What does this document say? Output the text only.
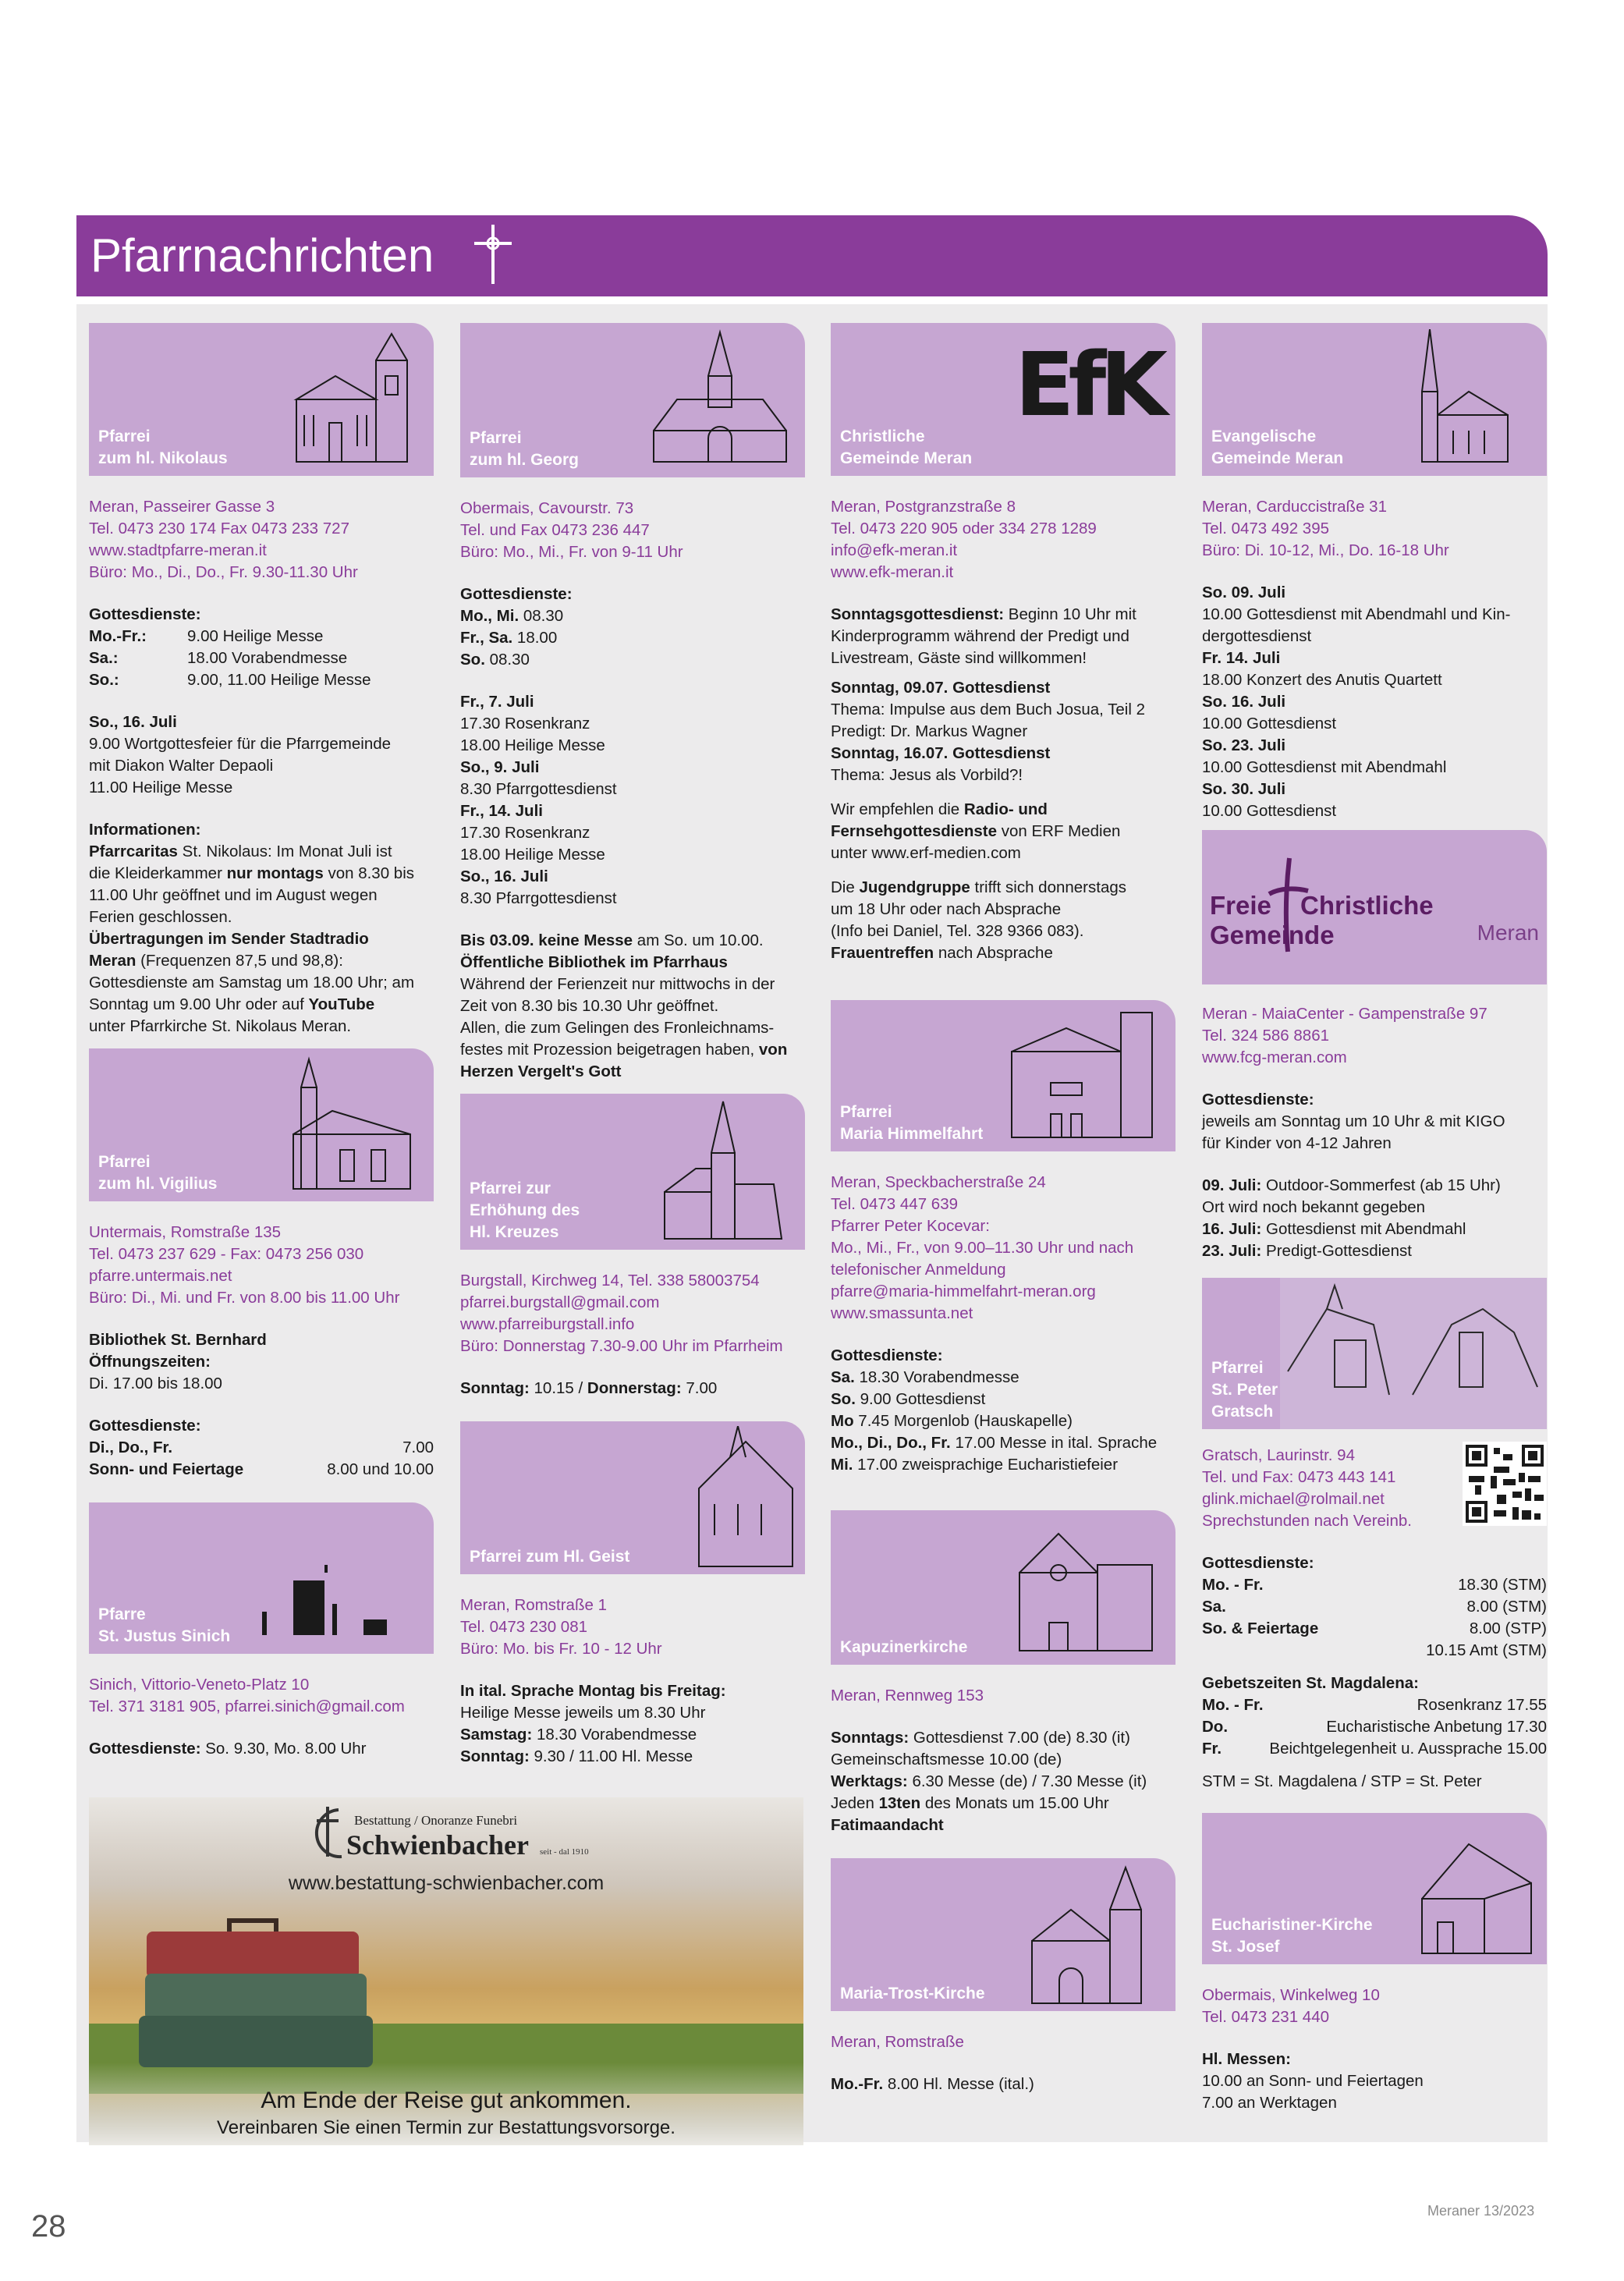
Pfarrnachrichten
Pfarrei
zum hl. Nikolaus
Meran, Passeirer Gasse 3
Tel. 0473 230 174 Fax 0473 233 727
www.stadtpfarre-meran.it
Büro: Mo., Di., Do., Fr. 9.30-11.30 Uhr
Gottesdienste:
Mo.-Fr.:	9.00 Heilige Messe
Sa.:	18.00 Vorabendmesse
So.:	9.00, 11.00 Heilige Messe
So., 16. Juli
9.00 Wortgottesfeier für die Pfarrgemeinde
mit Diakon Walter Depaoli
11.00 Heilige Messe
Informationen:
Pfarrcaritas St. Nikolaus: Im Monat Juli ist
die Kleiderkammer nur montags von 8.30 bis
11.00 Uhr geöffnet und im August wegen
Ferien geschlossen.
Übertragungen im Sender Stadtradio
Meran (Frequenzen 87,5 und 98,8):
Gottesdienste am Samstag um 18.00 Uhr; am
Sonntag um 9.00 Uhr oder auf YouTube
unter Pfarrkirche St. Nikolaus Meran.
Pfarrei
zum hl. Vigilius
Untermais, Romstraße 135
Tel. 0473 237 629 - Fax: 0473 256 030
pfarre.untermais.net
Büro: Di., Mi. und Fr. von 8.00 bis 11.00 Uhr
Bibliothek St. Bernhard
Öffnungszeiten:
Di. 17.00 bis 18.00
Gottesdienste:
Di., Do., Fr.	7.00
Sonn- und Feiertage	8.00 und 10.00
Pfarre
St. Justus Sinich
Sinich, Vittorio-Veneto-Platz 10
Tel. 371 3181 905, pfarrei.sinich@gmail.com
Gottesdienste: So. 9.30, Mo. 8.00 Uhr
Pfarrei
zum hl. Georg
Obermais, Cavourstr. 73
Tel. und Fax 0473 236 447
Büro: Mo., Mi., Fr. von 9-11 Uhr
Gottesdienste:
Mo., Mi. 08.30
Fr., Sa. 18.00
So. 08.30
Fr., 7. Juli
17.30 Rosenkranz
18.00 Heilige Messe
So., 9. Juli
8.30 Pfarrgottesdienst
Fr., 14. Juli
17.30 Rosenkranz
18.00 Heilige Messe
So., 16. Juli
8.30 Pfarrgottesdienst
Bis 03.09. keine Messe am So. um 10.00.
Öffentliche Bibliothek im Pfarrhaus
Während der Ferienzeit nur mittwochs in der
Zeit von 8.30 bis 10.30 Uhr geöffnet.
Allen, die zum Gelingen des Fronleichnams-
festes mit Prozession beigetragen haben, von
Herzen Vergelt's Gott
Pfarrei zur
Erhöhung des
Hl. Kreuzes
Burgstall, Kirchweg 14, Tel. 338 58003754
pfarrei.burgstall@gmail.com
www.pfarreiburgstall.info
Büro: Donnerstag 7.30-9.00 Uhr im Pfarrheim
Sonntag: 10.15 / Donnerstag: 7.00
Pfarrei zum Hl. Geist
Meran, Romstraße 1
Tel. 0473 230 081
Büro: Mo. bis Fr. 10 - 12 Uhr
In ital. Sprache Montag bis Freitag:
Heilige Messe jeweils um 8.30 Uhr
Samstag: 18.30 Vorabendmesse
Sonntag: 9.30 / 11.00 Hl. Messe
EfK
Christliche
Gemeinde Meran
Meran, Postgranzstraße 8
Tel. 0473 220 905 oder 334 278 1289
info@efk-meran.it
www.efk-meran.it
Sonntagsgottesdienst: Beginn 10 Uhr mit
Kinderprogramm während der Predigt und
Livestream, Gäste sind willkommen!
Sonntag, 09.07. Gottesdienst
Thema: Impulse aus dem Buch Josua, Teil 2
Predigt: Dr. Markus Wagner
Sonntag, 16.07. Gottesdienst
Thema: Jesus als Vorbild?!
Wir empfehlen die Radio- und
Fernsehgottesdienste von ERF Medien
unter www.erf-medien.com
Die Jugendgruppe trifft sich donnerstags
um 18 Uhr oder nach Absprache
(Info bei Daniel, Tel. 328 9366 083).
Frauentreffen nach Absprache
Pfarrei
Maria Himmelfahrt
Meran, Speckbacherstraße 24
Tel. 0473 447 639
Pfarrer Peter Kocevar:
Mo., Mi., Fr., von 9.00–11.30 Uhr und nach
telefonischer Anmeldung
pfarre@maria-himmelfahrt-meran.org
www.smassunta.net
Gottesdienste:
Sa. 18.30 Vorabendmesse
So. 9.00 Gottesdienst
Mo 7.45 Morgenlob (Hauskapelle)
Mo., Di., Do., Fr. 17.00 Messe in ital. Sprache
Mi. 17.00 zweisprachige Eucharistiefeier
Kapuzinerkirche
Meran, Rennweg 153
Sonntags: Gottesdienst 7.00 (de) 8.30 (it)
Gemeinschaftsmesse 10.00 (de)
Werktags: 6.30 Messe (de) / 7.30 Messe (it)
Jeden 13ten des Monats um 15.00 Uhr
Fatimaandacht
Maria-Trost-Kirche
Meran, Romstraße
Mo.-Fr. 8.00 Hl. Messe (ital.)
Evangelische
Gemeinde Meran
Meran, Carduccistraße 31
Tel. 0473 492 395
Büro: Di. 10-12, Mi., Do. 16-18 Uhr
So. 09. Juli
10.00 Gottesdienst mit Abendmahl und Kin-
dergottesdienst
Fr. 14. Juli
18.00 Konzert des Anutis Quartett
So. 16. Juli
10.00 Gottesdienst
So. 23. Juli
10.00 Gottesdienst mit Abendmahl
So. 30. Juli
10.00 Gottesdienst
Freie Christliche Gemeinde	Meran
Meran - MaiaCenter - Gampenstraße 97
Tel. 324 586 8861
www.fcg-meran.com
Gottesdienste:
jeweils am Sonntag um 10 Uhr & mit KIGO
für Kinder von 4-12 Jahren
09. Juli: Outdoor-Sommerfest (ab 15 Uhr)
Ort wird noch bekannt gegeben
16. Juli: Gottesdienst mit Abendmahl
23. Juli: Predigt-Gottesdienst
Pfarrei
St. Peter
Gratsch
Gratsch, Laurinstr. 94
Tel. und Fax: 0473 443 141
glink.michael@rolmail.net
Sprechstunden nach Vereinb.
Gottesdienste:
Mo. - Fr.	18.30 (STM)
Sa.	8.00 (STM)
So. & Feiertage	8.00 (STP)
10.15 Amt (STM)
Gebetszeiten St. Magdalena:
Mo. - Fr.	Rosenkranz 17.55
Do.	Eucharistische Anbetung 17.30
Fr.	Beichtgelegenheit u. Aussprache 15.00
STM = St. Magdalena / STP = St. Peter
Eucharistiner-Kirche
St. Josef
Obermais, Winkelweg 10
Tel. 0473 231 440
Hl. Messen:
10.00 an Sonn- und Feiertagen
7.00 an Werktagen
Bestattung / Onoranze Funebri
Schwienbacher seit - dal 1910
www.bestattung-schwienbacher.com
Am Ende der Reise gut ankommen.
Vereinbaren Sie einen Termin zur Bestattungsvorsorge.
28	Meraner 13/2023
